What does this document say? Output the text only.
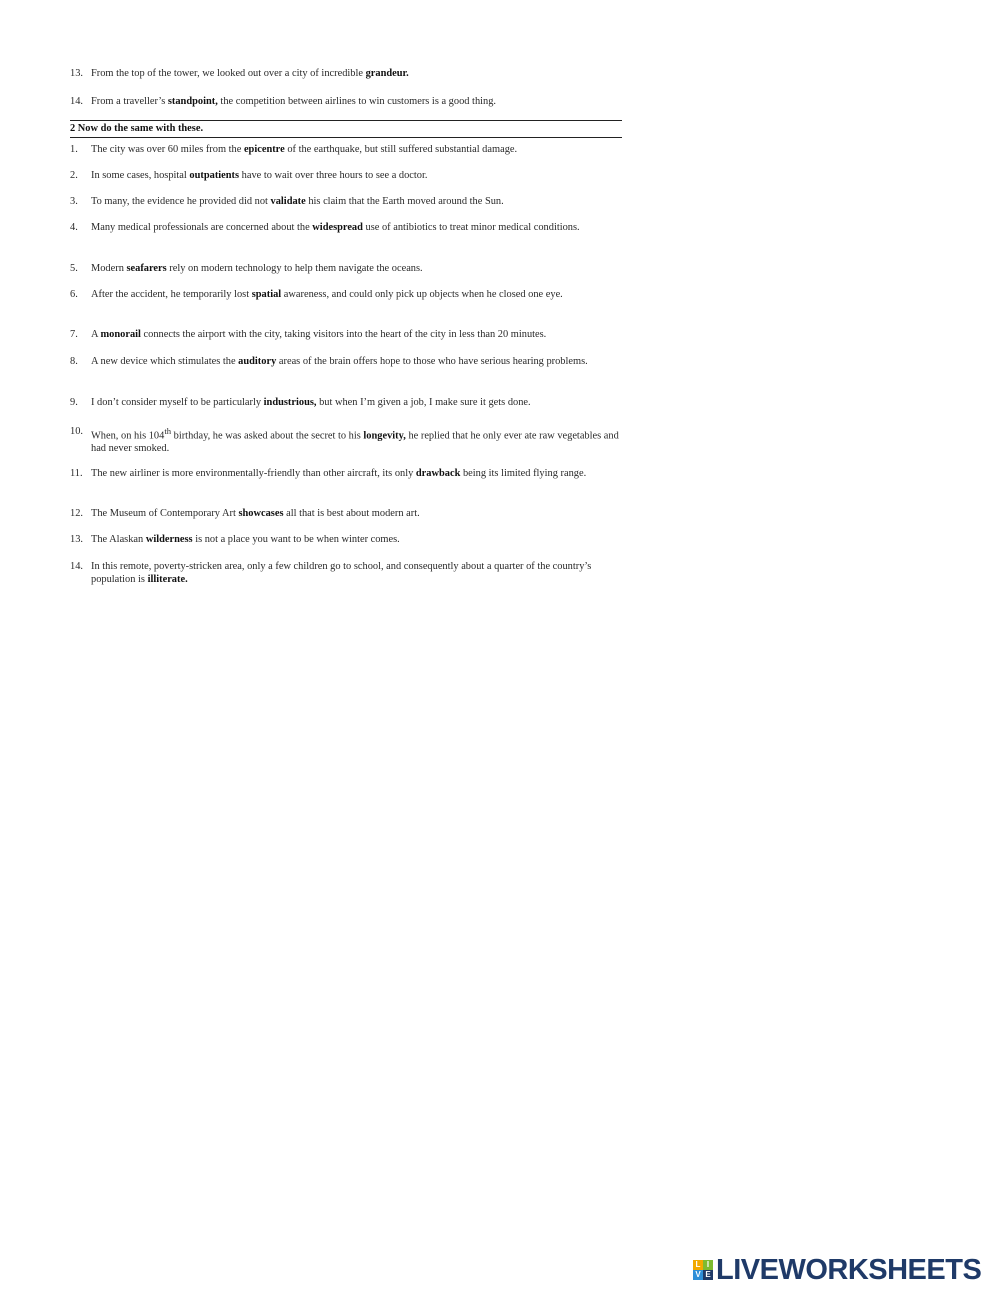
13. From the top of the tower, we looked out over a city of incredible grandeur.
14. From a traveller’s standpoint, the competition between airlines to win customers is a good thing.
2 Now do the same with these.
1.	The city was over 60 miles from the epicentre of the earthquake, but still suffered substantial damage.
2.	In some cases, hospital outpatients have to wait over three hours to see a doctor.
3.	To many, the evidence he provided did not validate his claim that the Earth moved around the Sun.
4.	Many medical professionals are concerned about the widespread use of antibiotics to treat minor medical conditions.
5.	Modern seafarers rely on modern technology to help them navigate the oceans.
6.	After the accident, he temporarily lost spatial awareness, and could only pick up objects when he closed one eye.
7.	A monorail connects the airport with the city, taking visitors into the heart of the city in less than 20 minutes.
8.	A new device which stimulates the auditory areas of the brain offers hope to those who have serious hearing problems.
9.	I don’t consider myself to be particularly industrious, but when I’m given a job, I make sure it gets done.
10. When, on his 104th birthday, he was asked about the secret to his longevity, he replied that he only ever ate raw vegetables and had never smoked.
11. The new airliner is more environmentally-friendly than other aircraft, its only drawback being its limited flying range.
12. The Museum of Contemporary Art showcases all that is best about modern art.
13. The Alaskan wilderness is not a place you want to be when winter comes.
14. In this remote, poverty-stricken area, only a few children go to school, and consequently about a quarter of the country’s population is illiterate.
L I
V E LIVEWORKSHEETS
